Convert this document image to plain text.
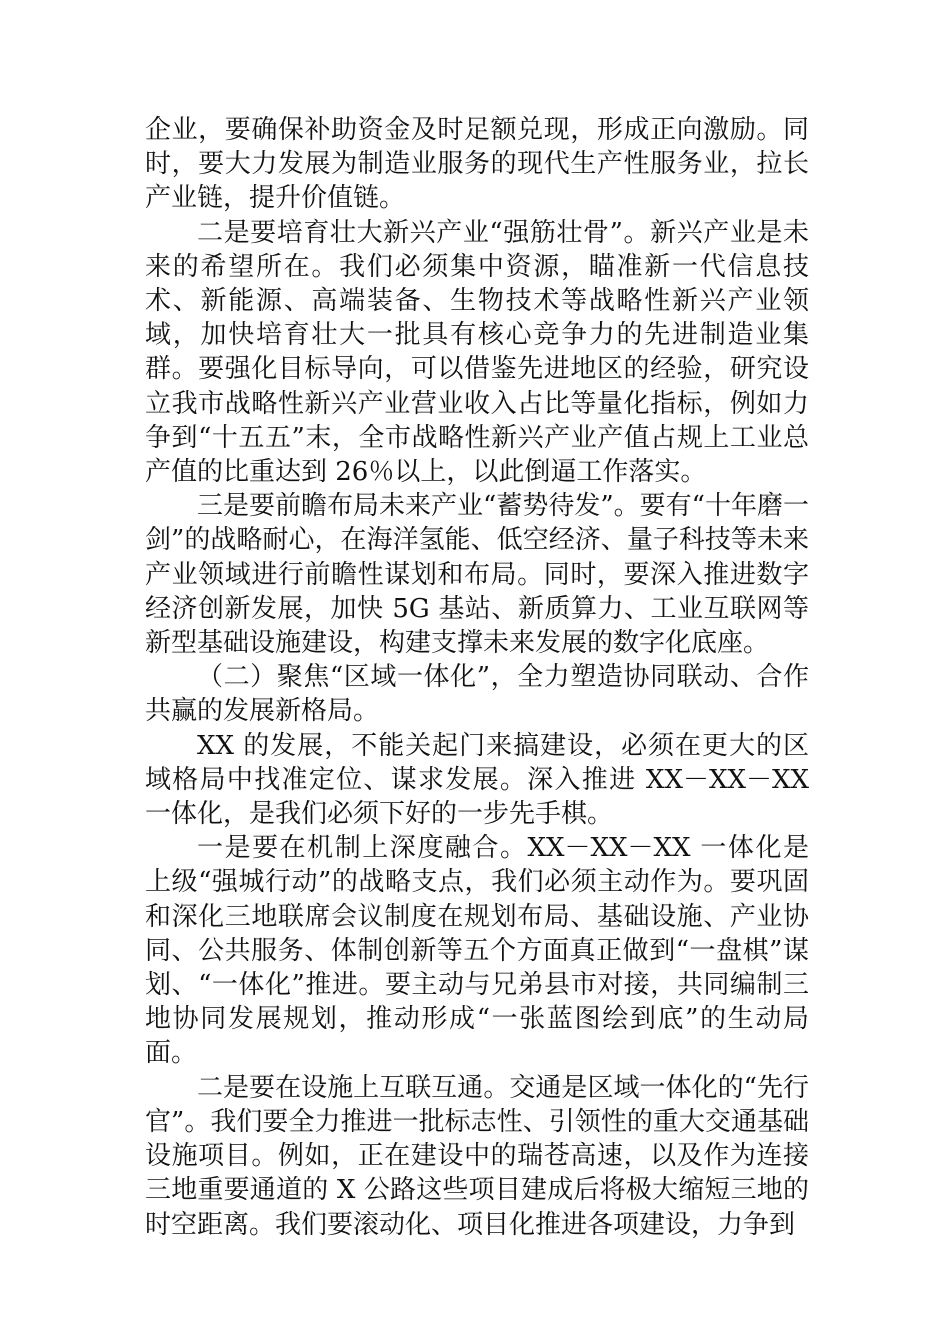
企业，要确保补助资金及时足额兑现，形成正向激励。同时，要大力发展为制造业服务的现代生产性服务业，拉长产业链，提升价值链。

二是要培育壮大新兴产业“强筋壮骨”。新兴产业是未来的希望所在。我们必须集中资源，瞄准新一代信息技术、新能源、高端装备、生物技术等战略性新兴产业领域，加快培育壮大一批具有核心竞争力的先进制造业集群。要强化目标导向，可以借鉴先进地区的经验，研究设立我市战略性新兴产业营业收入占比等量化指标，例如力争到“十五五”末，全市战略性新兴产业产值占规上工业总产值的比重达到 26％以上，以此倒逼工作落实。

三是要前瞻布局未来产业“蓄势待发”。要有“十年磨一剑”的战略耐心，在海洋氢能、低空经济、量子科技等未来产业领域进行前瞻性谋划和布局。同时，要深入推进数字经济创新发展，加快 5G 基站、新质算力、工业互联网等新型基础设施建设，构建支撑未来发展的数字化底座。

（二）聚焦“区域一体化”，全力塑造协同联动、合作共赢的发展新格局。

XX 的发展，不能关起门来搞建设，必须在更大的区域格局中找准定位、谋求发展。深入推进 XX－XX－XX 一体化，是我们必须下好的一步先手棋。

一是要在机制上深度融合。XX－XX－XX 一体化是上级“强城行动”的战略支点，我们必须主动作为。要巩固和深化三地联席会议制度在规划布局、基础设施、产业协同、公共服务、体制创新等五个方面真正做到“一盘棋”谋划、“一体化”推进。要主动与兄弟县市对接，共同编制三地协同发展规划，推动形成“一张蓝图绘到底”的生动局面。

二是要在设施上互联互通。交通是区域一体化的“先行官”。我们要全力推进一批标志性、引领性的重大交通基础设施项目。例如，正在建设中的瑞苍高速，以及作为连接三地重要通道的 X 公路这些项目建成后将极大缩短三地的时空距离。我们要滚动化、项目化推进各项建设，力争到
